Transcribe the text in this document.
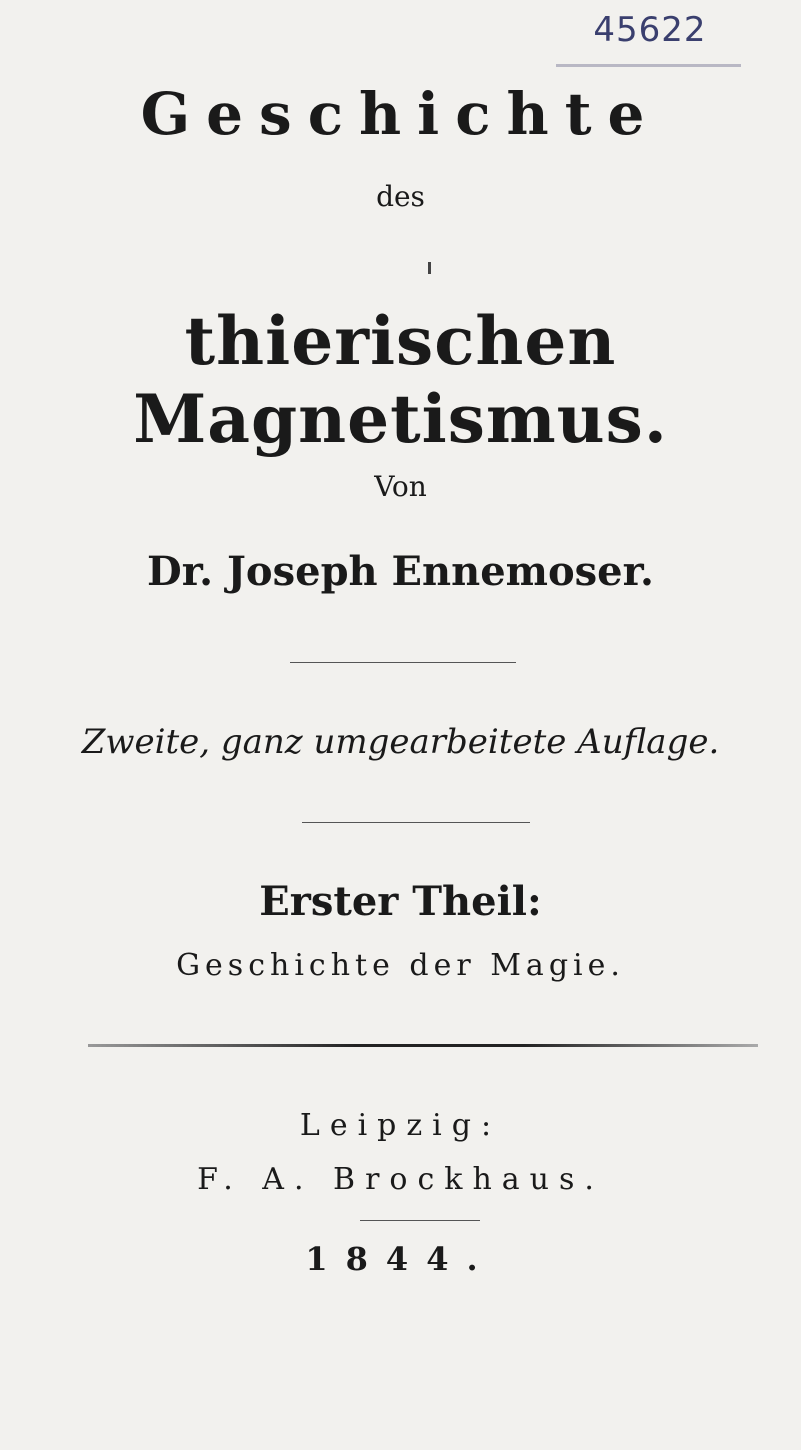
45622
Geschichte
des
thierischen Magnetismus.
Von
Dr. Joseph Ennemoser.
Zweite, ganz umgearbeitete Auflage.
Erster Theil:
Geschichte der Magie.
Leipzig:
F. A. Brockhaus.
1844.
